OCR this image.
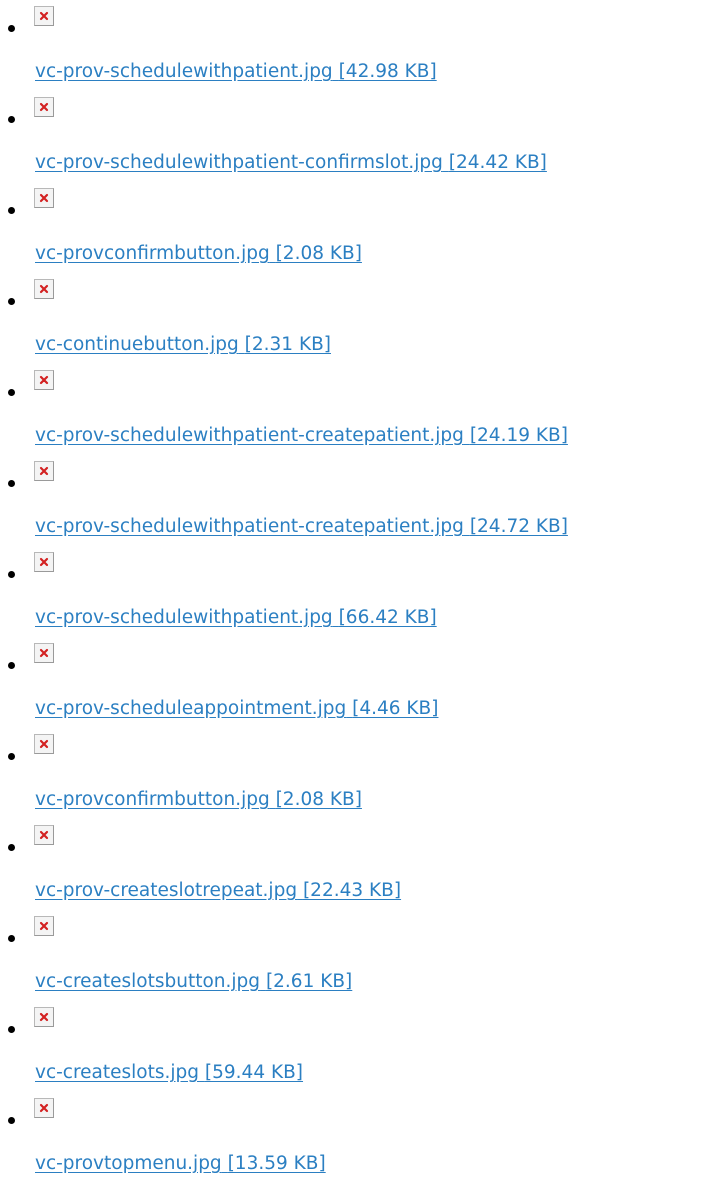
vc-prov-schedulewithpatient.jpg [42.98 KB]
vc-prov-schedulewithpatient-confirmslot.jpg [24.42 KB]
vc-provconfirmbutton.jpg [2.08 KB]
vc-continuebutton.jpg [2.31 KB]
vc-prov-schedulewithpatient-createpatient.jpg [24.19 KB]
vc-prov-schedulewithpatient-createpatient.jpg [24.72 KB]
vc-prov-schedulewithpatient.jpg [66.42 KB]
vc-prov-scheduleappointment.jpg [4.46 KB]
vc-provconfirmbutton.jpg [2.08 KB]
vc-prov-createslotrepeat.jpg [22.43 KB]
vc-createslotsbutton.jpg [2.61 KB]
vc-createslots.jpg [59.44 KB]
vc-provtopmenu.jpg [13.59 KB]
